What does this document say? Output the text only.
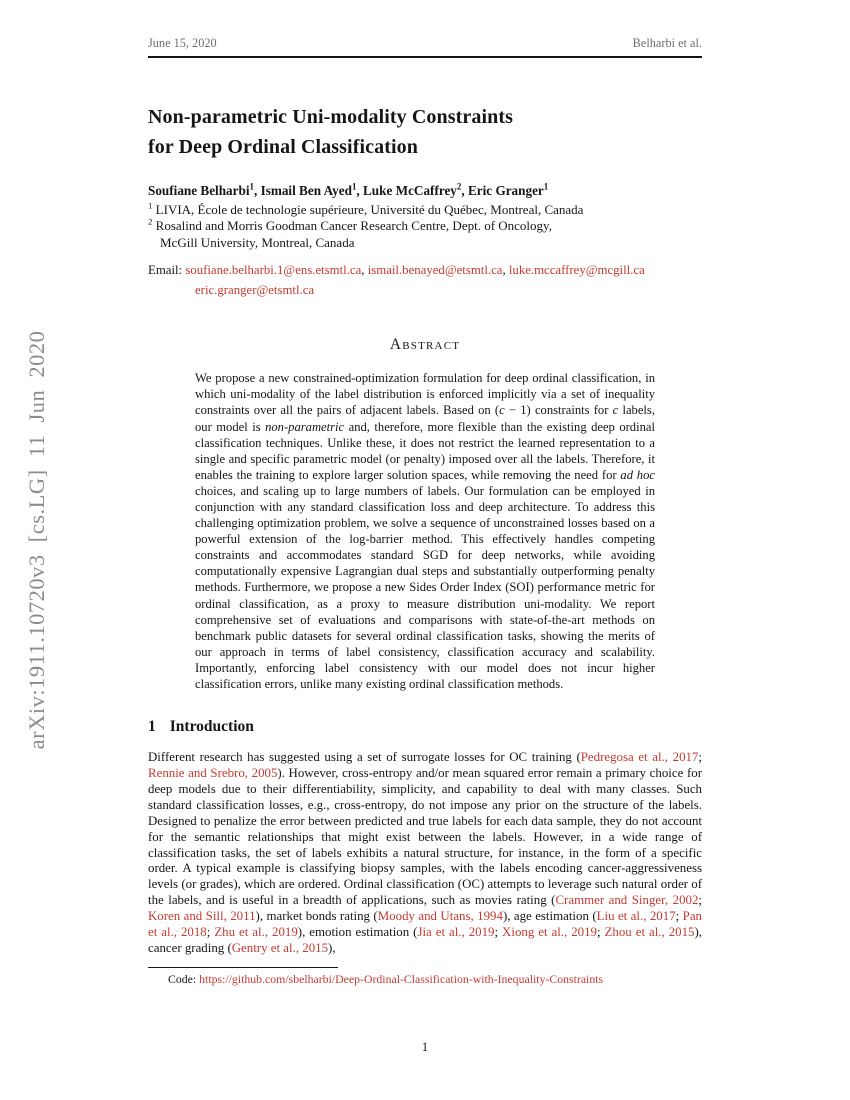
arXiv:1911.10720v3 [cs.LG] 11 Jun 2020
June 15, 2020	Belharbi et al.
Non-parametric Uni-modality Constraints
for Deep Ordinal Classification
Soufiane Belharbi$^1$, Ismail Ben Ayed$^1$, Luke McCaffrey$^2$, Eric Granger$^1$
$^1$ LIVIA, École de technologie supérieure, Université du Québec, Montreal, Canada
$^2$ Rosalind and Morris Goodman Cancer Research Centre, Dept. of Oncology,
McGill University, Montreal, Canada
Email: soufiane.belharbi.1@ens.etsmtl.ca, ismail.benayed@etsmtl.ca, luke.mccaffrey@mcgill.ca
eric.granger@etsmtl.ca
Abstract
We propose a new constrained-optimization formulation for deep ordinal classification, in which uni-modality of the label distribution is enforced implicitly via a set of inequality constraints over all the pairs of adjacent labels. Based on (c − 1) constraints for c labels, our model is non-parametric and, therefore, more flexible than the existing deep ordinal classification techniques. Unlike these, it does not restrict the learned representation to a single and specific parametric model (or penalty) imposed over all the labels. Therefore, it enables the training to explore larger solution spaces, while removing the need for ad hoc choices, and scaling up to large numbers of labels. Our formulation can be employed in conjunction with any standard classification loss and deep architecture. To address this challenging optimization problem, we solve a sequence of unconstrained losses based on a powerful extension of the log-barrier method. This effectively handles competing constraints and accommodates standard SGD for deep networks, while avoiding computationally expensive Lagrangian dual steps and substantially outperforming penalty methods. Furthermore, we propose a new Sides Order Index (SOI) performance metric for ordinal classification, as a proxy to measure distribution uni-modality. We report comprehensive set of evaluations and comparisons with state-of-the-art methods on benchmark public datasets for several ordinal classification tasks, showing the merits of our approach in terms of label consistency, classification accuracy and scalability. Importantly, enforcing label consistency with our model does not incur higher classification errors, unlike many existing ordinal classification methods.
1 Introduction
Different research has suggested using a set of surrogate losses for OC training (Pedregosa et al., 2017; Rennie and Srebro, 2005). However, cross-entropy and/or mean squared error remain a primary choice for deep models due to their differentiability, simplicity, and capability to deal with many classes. Such standard classification losses, e.g., cross-entropy, do not impose any prior on the structure of the labels. Designed to penalize the error between predicted and true labels for each data sample, they do not account for the semantic relationships that might exist between the labels. However, in a wide range of classification tasks, the set of labels exhibits a natural structure, for instance, in the form of a specific order. A typical example is classifying biopsy samples, with the labels encoding cancer-aggressiveness levels (or grades), which are ordered. Ordinal classification (OC) attempts to leverage such natural order of the labels, and is useful in a breadth of applications, such as movies rating (Crammer and Singer, 2002; Koren and Sill, 2011), market bonds rating (Moody and Utans, 1994), age estimation (Liu et al., 2017; Pan et al., 2018; Zhu et al., 2019), emotion estimation (Jia et al., 2019; Xiong et al., 2019; Zhou et al., 2015), cancer grading (Gentry et al., 2015),
Code: https://github.com/sbelharbi/Deep-Ordinal-Classification-with-Inequality-Constraints
1
